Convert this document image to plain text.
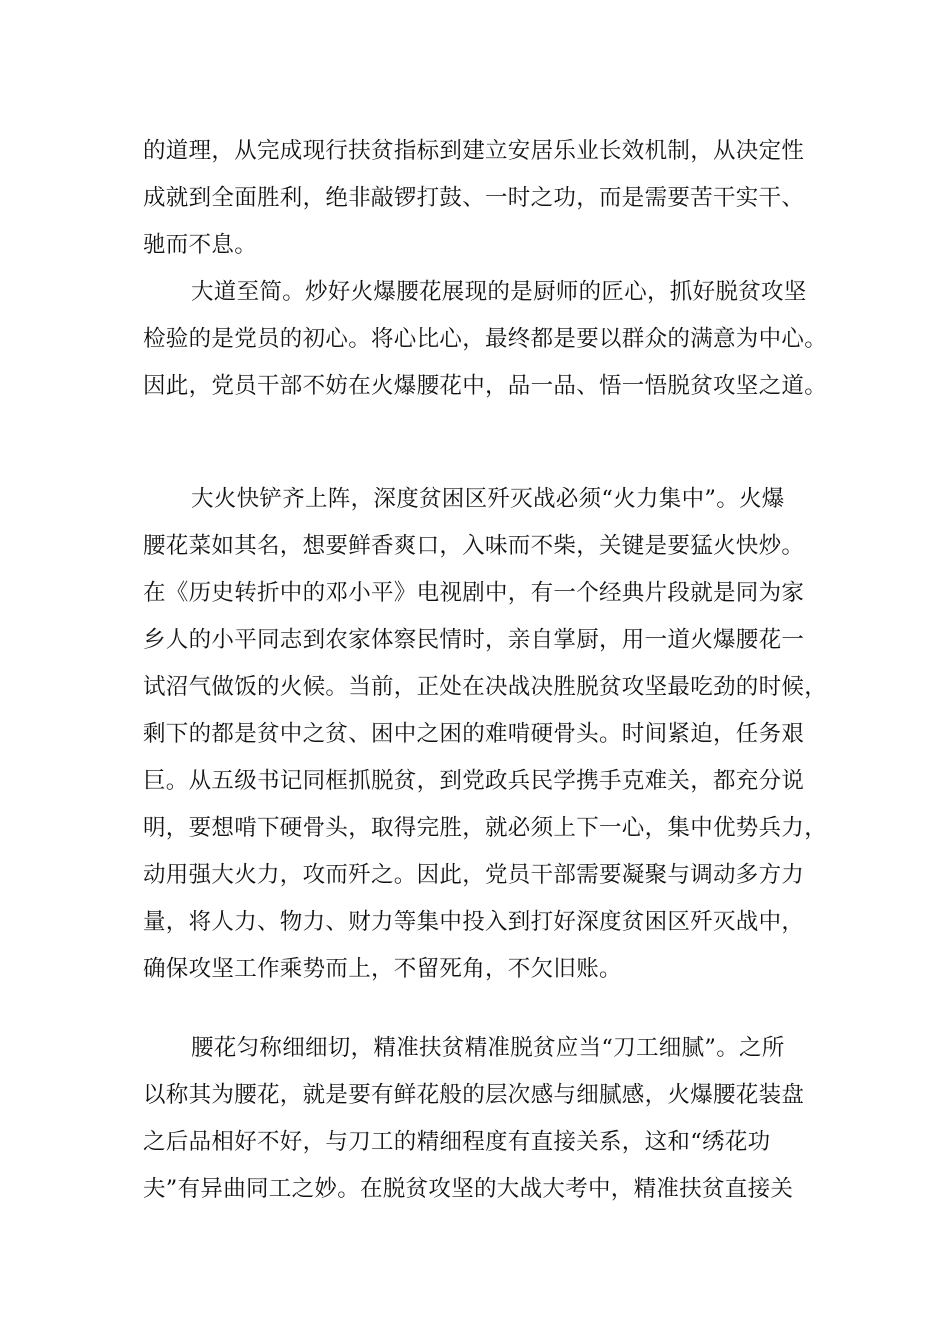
的道理，从完成现行扶贫指标到建立安居乐业长效机制，从决定性
成就到全面胜利，绝非敲锣打鼓、一时之功，而是需要苦干实干、
驰而不息。
大道至简。炒好火爆腰花展现的是厨师的匠心，抓好脱贫攻坚
检验的是党员的初心。将心比心，最终都是要以群众的满意为中心。
因此，党员干部不妨在火爆腰花中，品一品、悟一悟脱贫攻坚之道。
大火快铲齐上阵，深度贫困区歼灭战必须“火力集中”。火爆
腰花菜如其名，想要鲜香爽口，入味而不柴，关键是要猛火快炒。
在《历史转折中的邓小平》电视剧中，有一个经典片段就是同为家
乡人的小平同志到农家体察民情时，亲自掌厨，用一道火爆腰花一
试沼气做饭的火候。当前，正处在决战决胜脱贫攻坚最吃劲的时候，
剩下的都是贫中之贫、困中之困的难啃硬骨头。时间紧迫，任务艰
巨。从五级书记同框抓脱贫，到党政兵民学携手克难关，都充分说
明，要想啃下硬骨头，取得完胜，就必须上下一心，集中优势兵力，
动用强大火力，攻而歼之。因此，党员干部需要凝聚与调动多方力
量，将人力、物力、财力等集中投入到打好深度贫困区歼灭战中，
确保攻坚工作乘势而上，不留死角，不欠旧账。
腰花匀称细细切，精准扶贫精准脱贫应当“刀工细腻”。之所
以称其为腰花，就是要有鲜花般的层次感与细腻感，火爆腰花装盘
之后品相好不好，与刀工的精细程度有直接关系，这和“绣花功
夫”有异曲同工之妙。在脱贫攻坚的大战大考中，精准扶贫直接关
